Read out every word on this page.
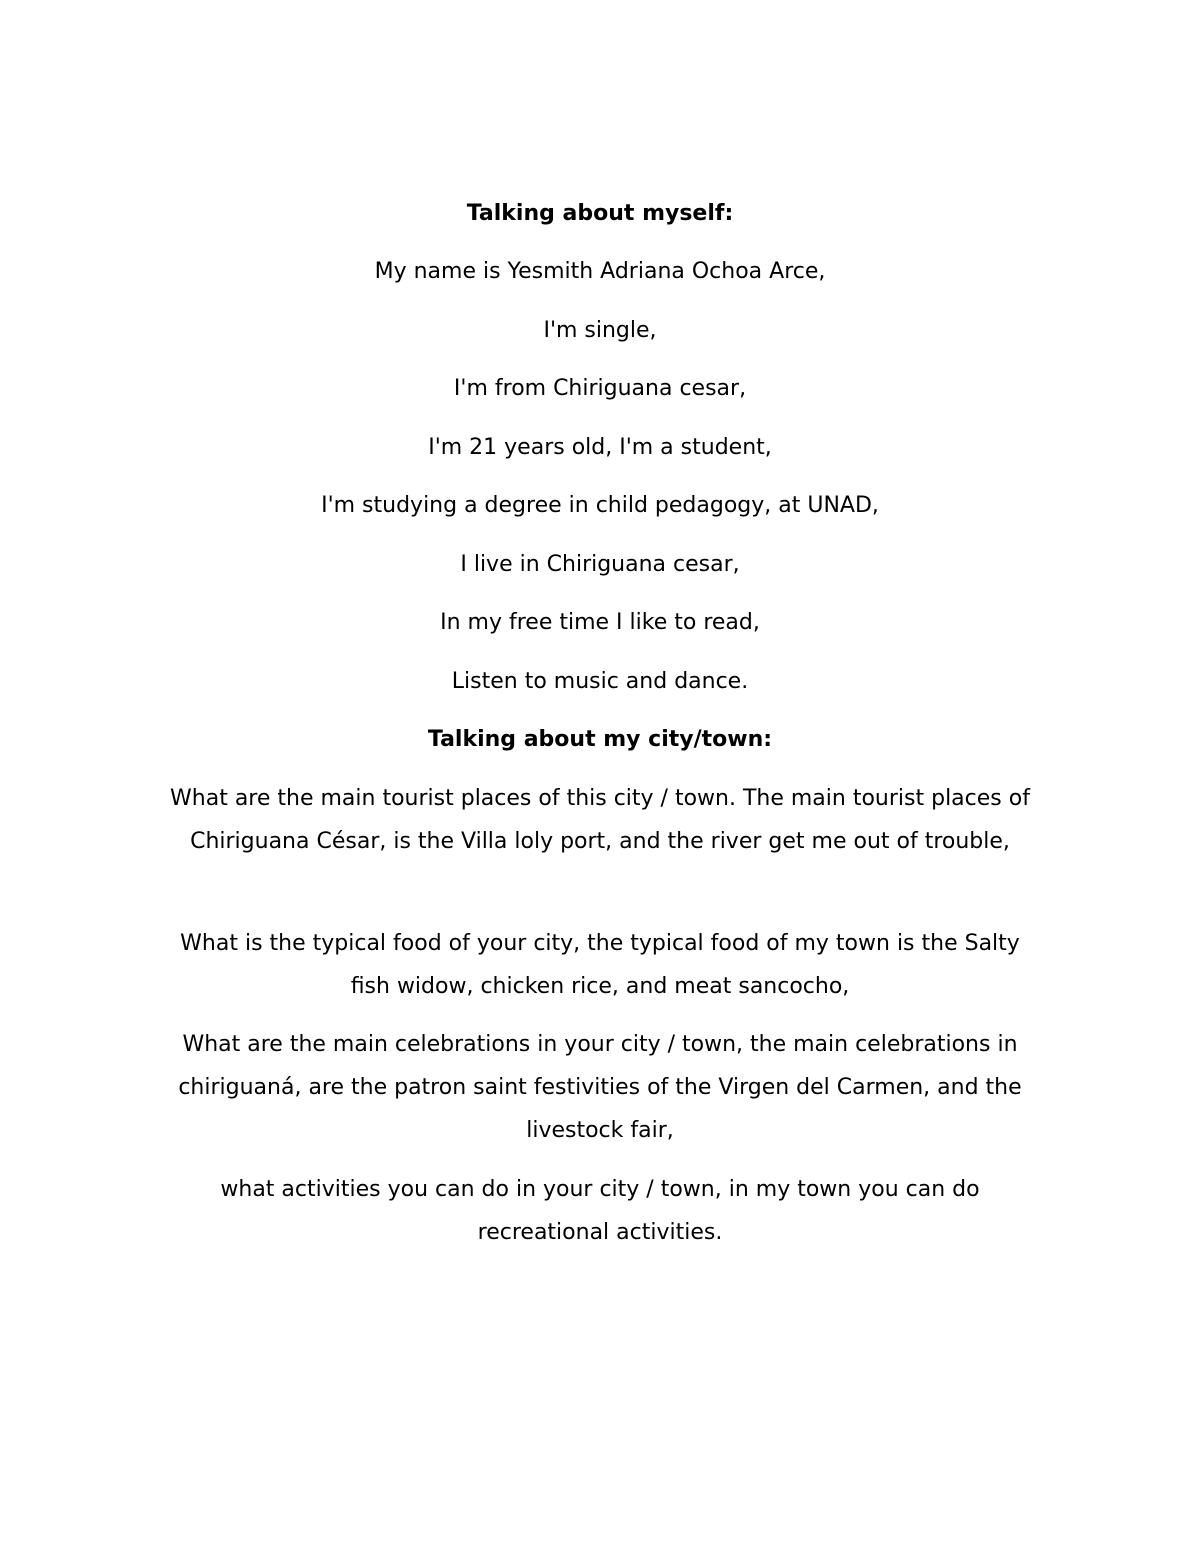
Talking about myself:
My name is Yesmith Adriana Ochoa Arce,
I'm single,
I'm from Chiriguana cesar,
I'm 21 years old, I'm a student,
I'm studying a degree in child pedagogy, at UNAD,
I live in Chiriguana cesar,
In my free time I like to read,
Listen to music and dance.
Talking about my city/town:
What are the main tourist places of this city / town. The main tourist places of Chiriguana César, is the Villa loly port, and the river get me out of trouble,
What is the typical food of your city, the typical food of my town is the Salty fish widow, chicken rice, and meat sancocho,
What are the main celebrations in your city / town, the main celebrations in chiriguaná, are the patron saint festivities of the Virgen del Carmen, and the livestock fair,
what activities you can do in your city / town, in my town you can do recreational activities.
